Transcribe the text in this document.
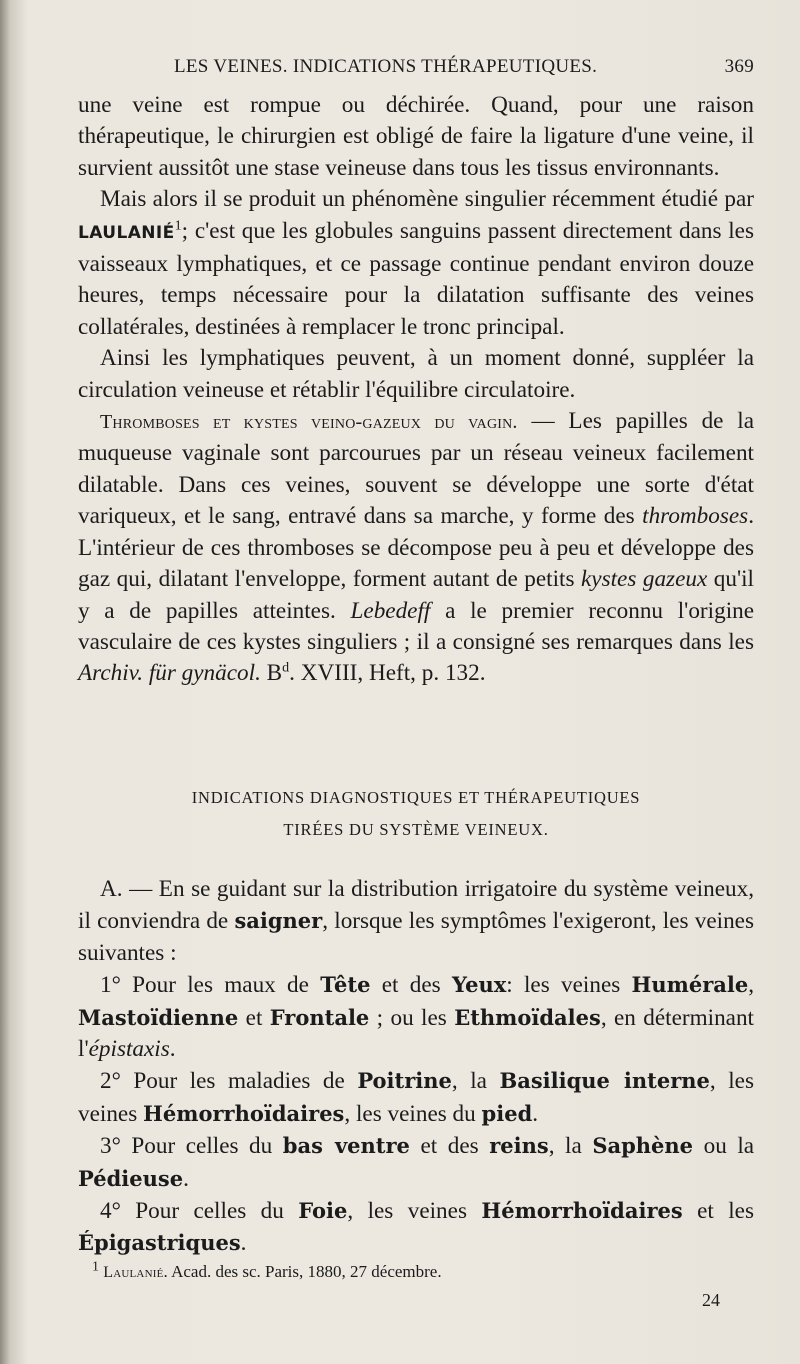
LES VEINES. INDICATIONS THÉRAPEUTIQUES.	369

une veine est rompue ou déchirée. Quand, pour une raison thérapeutique, le chirurgien est obligé de faire la ligature d'une veine, il survient aussitôt une stase veineuse dans tous les tissus environnants.

Mais alors il se produit un phénomène singulier récemment étudié par LAULANIÉ$^1$; c'est que les globules sanguins passent directement dans les vaisseaux lymphatiques, et ce passage continue pendant environ douze heures, temps nécessaire pour la dilatation suffisante des veines collatérales, destinées à remplacer le tronc principal.

Ainsi les lymphatiques peuvent, à un moment donné, suppléer la circulation veineuse et rétablir l'équilibre circulatoire.

Thromboses et kystes veino-gazeux du vagin. — Les papilles de la muqueuse vaginale sont parcourues par un réseau veineux facilement dilatable. Dans ces veines, souvent se développe une sorte d'état variqueux, et le sang, entravé dans sa marche, y forme des thromboses. L'intérieur de ces thromboses se décompose peu à peu et développe des gaz qui, dilatant l'enveloppe, forment autant de petits kystes gazeux qu'il y a de papilles atteintes. Lebedeff a le premier reconnu l'origine vasculaire de ces kystes singuliers ; il a consigné ses remarques dans les Archiv. für gynäcol. $B^d$. XVIII, Heft, p. 132.

INDICATIONS DIAGNOSTIQUES ET THÉRAPEUTIQUES
TIRÉES DU SYSTÈME VEINEUX.

A. — En se guidant sur la distribution irrigatoire du système veineux, il conviendra de saigner, lorsque les symptômes l'exigeront, les veines suivantes :

1° Pour les maux de Tête et des Yeux: les veines Humérale, Mastoïdienne et Frontale ; ou les Ethmoïdales, en déterminant l'épistaxis.

2° Pour les maladies de Poitrine, la Basilique interne, les veines Hémorrhoïdaires, les veines du pied.

3° Pour celles du bas ventre et des reins, la Saphène ou la Pédieuse.

4° Pour celles du Foie, les veines Hémorrhoïdaires et les Épigastriques.

$^1$ Laulanié. Acad. des sc. Paris, 1880, 27 décembre.
24
